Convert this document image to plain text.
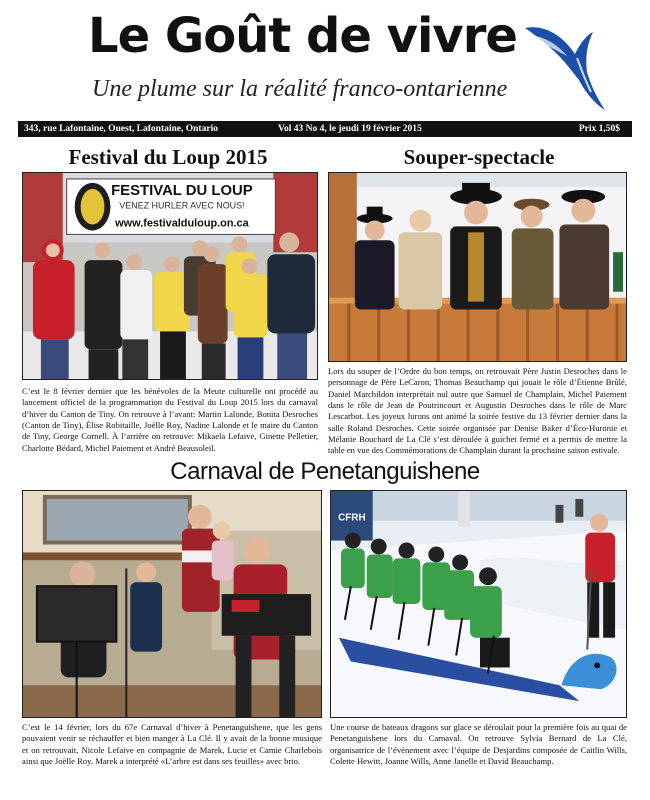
Le Goût de vivre
Une plume sur la réalité franco-ontarienne
343, rue Lafontaine, Ouest, Lafontaine, Ontario	Vol 43 No 4, le jeudi 19 février 2015	Prix 1,50$
Festival du Loup 2015	Souper-spectacle
FESTIVAL DU LOUP
VENEZ HURLER AVEC NOUS!
www.festivalduloup.on.ca
C’est le 8 février dernier que les bénévoles de la Meute culturelle ont procédé au lancement officiel de la programmation du Festival du Loup 2015 lors du carnaval d’hiver du Canton de Tiny. On retrouve à l’avant: Martin Lalonde, Bonita Desroches (Canton de Tiny), Élise Robitaille, Joëlle Roy, Nadine Lalonde et le maire du Canton de Tiny, George Cornell. À l’arrière on retrouve: Mikaela Lefaive, Ginette Pelletier, Charlotte Bédard, Michel Paiement et André Beausoleil.
Lors du souper de l’Ordre du bon temps, on retrouvait Père Justin Desroches dans le personnage de Père LeCaron, Thomas Beauchamp qui jouait le rôle d’Étienne Brûlé, Daniel Marchildon interprétait nul autre que Samuel de Champlain, Michel Paiement dans le rôle de Jean de Poutrincourt et Augustin Desroches dans le rôle de Marc Lescarbot. Les joyeux lurons ont animé la soirée festive du 13 février dernier dans la salle Roland Desroches. Cette soirée organisée par Denise Baker d’Éco-Huronie et Mélanie Bouchard de La Clé s’est déroulée à guichet fermé et a permis de mettre la table en vue des Commémorations de Champlain durant la prochaine saison estivale.
Carnaval de Penetanguishene
C’est le 14 février, lors du 67e Carnaval d’hiver à Penetanguishene, que les gens pouvaient venir se réchauffer et bien manger à La Clé. Il y avait de la bonne musique et on retrouvait, Nicole Lefaive en compagnie de Marek, Lucie et Camie Charlebois ainsi que Joëlle Roy. Marek a interprété «L’arbre est dans ses feuilles» avec brio.
CFRH
Une course de bateaux dragons sur glace se déroulait pour la première fois au quai de Penetanguishene lors du Carnaval. On retrouve Sylvia Bernard de La Clé, organisatrice de l’événement avec l’équipe de Desjardins composée de Caitlin Wills, Colette Hewitt, Joanne Wills, Anne Janelle et David Beauchamp.
